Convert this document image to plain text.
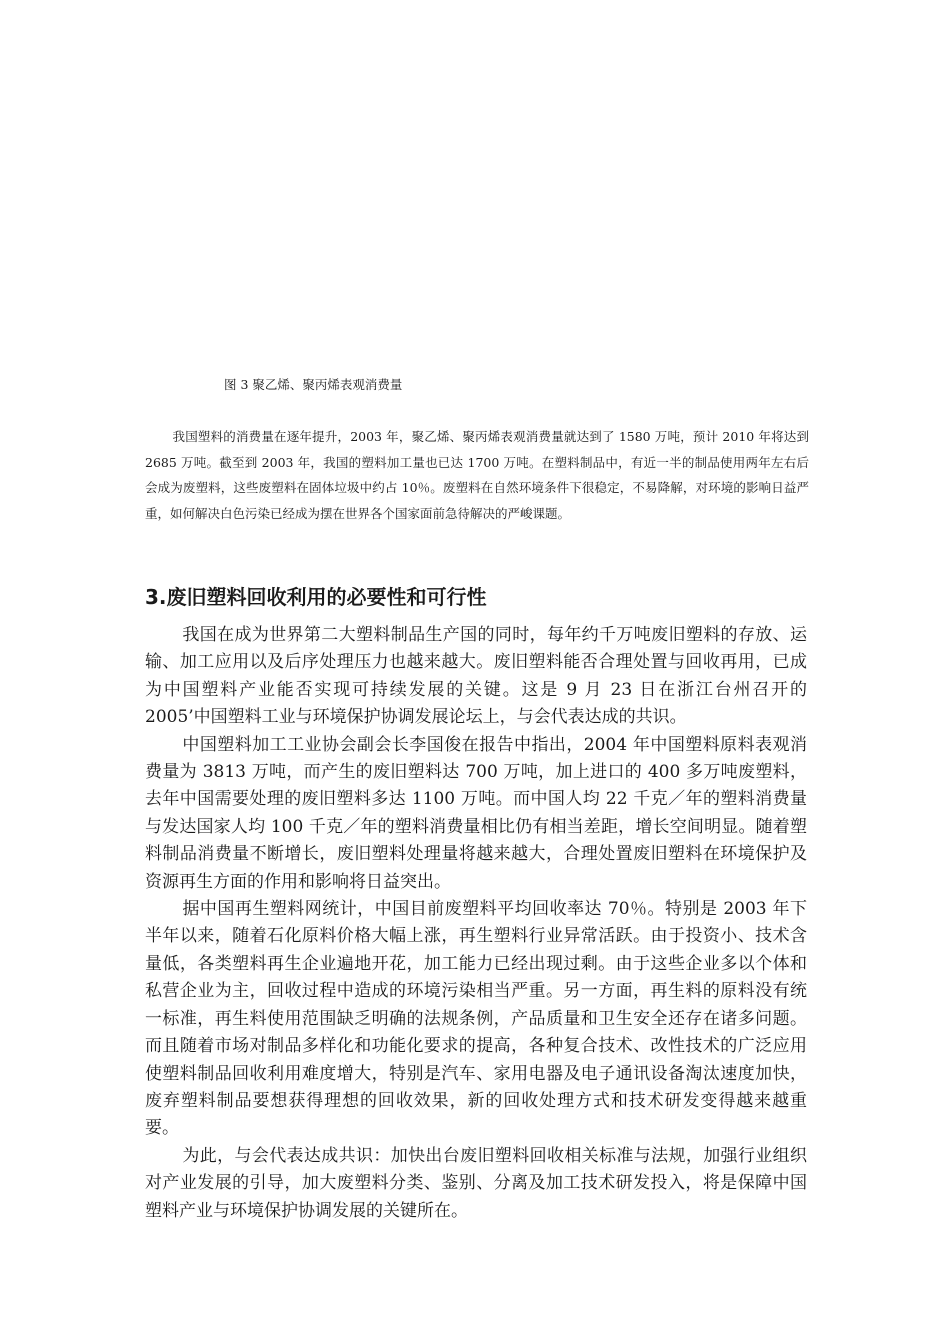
图 3 聚乙烯、聚丙烯表观消费量

我国塑料的消费量在逐年提升，2003 年，聚乙烯、聚丙烯表观消费量就达到了 1580 万吨，预计 2010 年将达到 2685 万吨。截至到 2003 年，我国的塑料加工量也已达 1700 万吨。在塑料制品中，有近一半的制品使用两年左右后会成为废塑料，这些废塑料在固体垃圾中约占 10％。废塑料在自然环境条件下很稳定，不易降解，对环境的影响日益严重，如何解决白色污染已经成为摆在世界各个国家面前急待解决的严峻课题。

3.废旧塑料回收利用的必要性和可行性

我国在成为世界第二大塑料制品生产国的同时，每年约千万吨废旧塑料的存放、运输、加工应用以及后序处理压力也越来越大。废旧塑料能否合理处置与回收再用，已成为中国塑料产业能否实现可持续发展的关键。这是 9 月 23 日在浙江台州召开的 2005’中国塑料工业与环境保护协调发展论坛上，与会代表达成的共识。

中国塑料加工工业协会副会长李国俊在报告中指出，2004 年中国塑料原料表观消费量为 3813 万吨，而产生的废旧塑料达 700 万吨，加上进口的 400 多万吨废塑料，去年中国需要处理的废旧塑料多达 1100 万吨。而中国人均 22 千克／年的塑料消费量与发达国家人均 100 千克／年的塑料消费量相比仍有相当差距，增长空间明显。随着塑料制品消费量不断增长，废旧塑料处理量将越来越大，合理处置废旧塑料在环境保护及资源再生方面的作用和影响将日益突出。

据中国再生塑料网统计，中国目前废塑料平均回收率达 70％。特别是 2003 年下半年以来，随着石化原料价格大幅上涨，再生塑料行业异常活跃。由于投资小、技术含量低，各类塑料再生企业遍地开花，加工能力已经出现过剩。由于这些企业多以个体和私营企业为主，回收过程中造成的环境污染相当严重。另一方面，再生料的原料没有统一标准，再生料使用范围缺乏明确的法规条例，产品质量和卫生安全还存在诸多问题。而且随着市场对制品多样化和功能化要求的提高，各种复合技术、改性技术的广泛应用使塑料制品回收利用难度增大，特别是汽车、家用电器及电子通讯设备淘汰速度加快，废弃塑料制品要想获得理想的回收效果，新的回收处理方式和技术研发变得越来越重要。

为此，与会代表达成共识：加快出台废旧塑料回收相关标准与法规，加强行业组织对产业发展的引导，加大废塑料分类、鉴别、分离及加工技术研发投入，将是保障中国塑料产业与环境保护协调发展的关键所在。
